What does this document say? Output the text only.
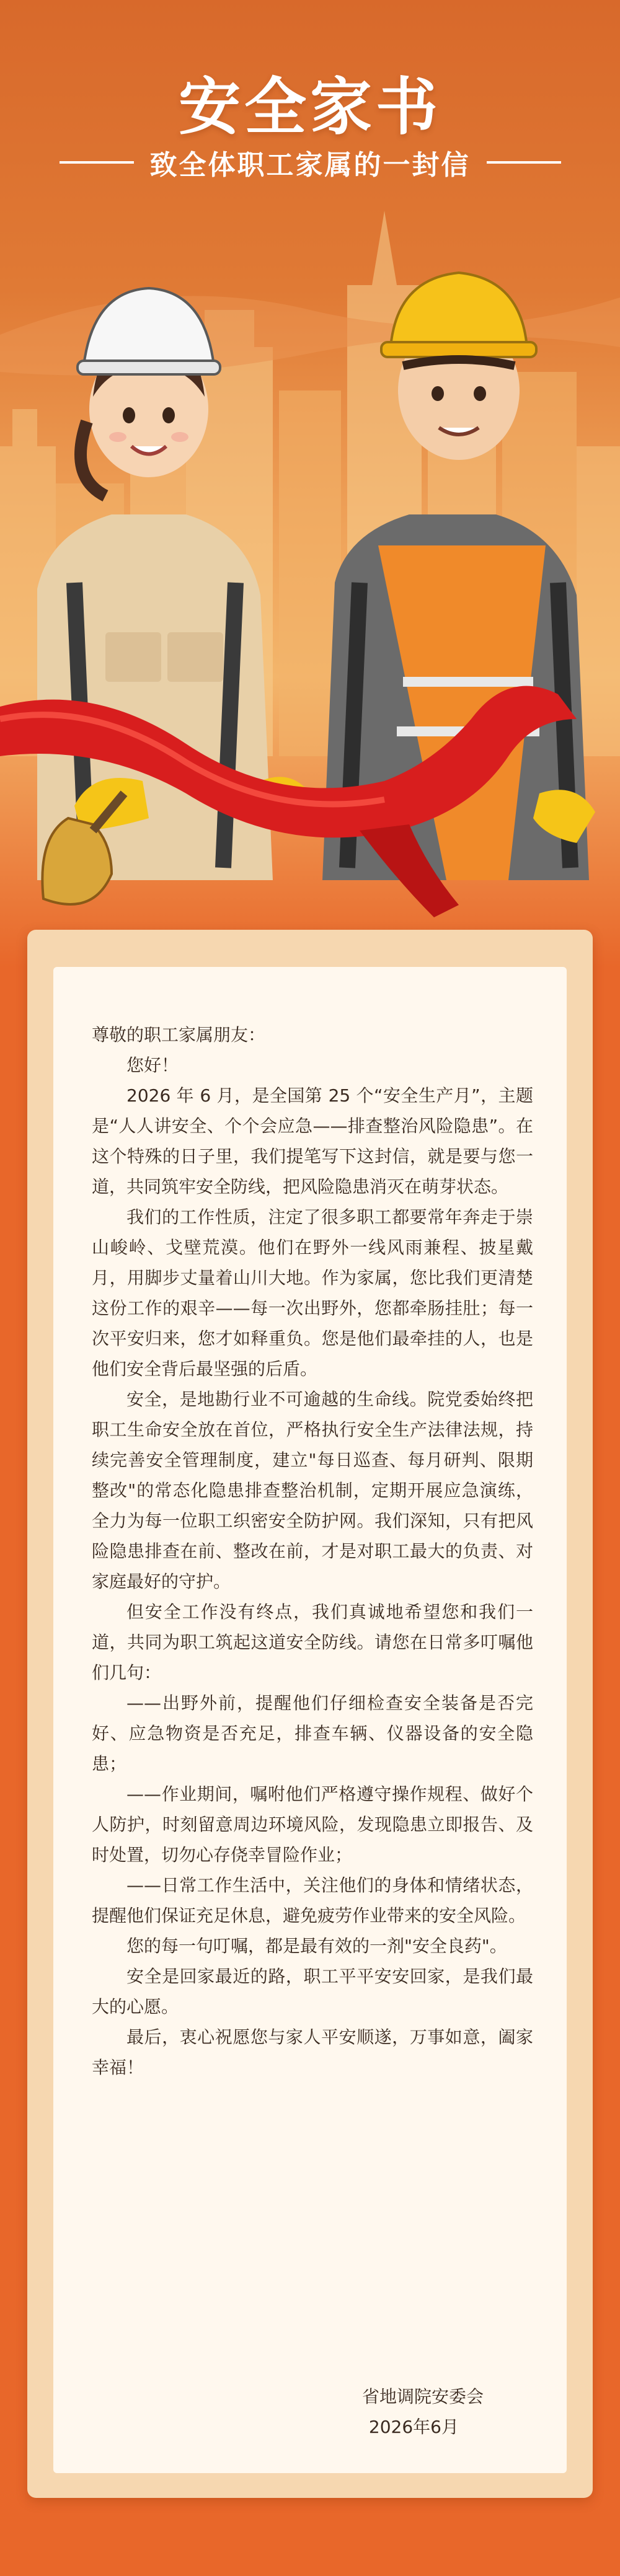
安全家书
致全体职工家属的一封信

尊敬的职工家属朋友：

您好！

2026 年 6 月，是全国第 25 个“安全生产月”，主题是“人人讲安全、个个会应急——排查整治风险隐患”。在这个特殊的日子里，我们提笔写下这封信，就是要与您一道，共同筑牢安全防线，把风险隐患消灭在萌芽状态。

我们的工作性质，注定了很多职工都要常年奔走于崇山峻岭、戈壁荒漠。他们在野外一线风雨兼程、披星戴月，用脚步丈量着山川大地。作为家属，您比我们更清楚这份工作的艰辛——每一次出野外，您都牵肠挂肚；每一次平安归来，您才如释重负。您是他们最牵挂的人，也是他们安全背后最坚强的后盾。

安全，是地勘行业不可逾越的生命线。院党委始终把职工生命安全放在首位，严格执行安全生产法律法规，持续完善安全管理制度，建立"每日巡查、每月研判、限期整改"的常态化隐患排查整治机制，定期开展应急演练，全力为每一位职工织密安全防护网。我们深知，只有把风险隐患排查在前、整改在前，才是对职工最大的负责、对家庭最好的守护。

但安全工作没有终点，我们真诚地希望您和我们一道，共同为职工筑起这道安全防线。请您在日常多叮嘱他们几句：

——出野外前，提醒他们仔细检查安全装备是否完好、应急物资是否充足，排查车辆、仪器设备的安全隐患；

——作业期间，嘱咐他们严格遵守操作规程、做好个人防护，时刻留意周边环境风险，发现隐患立即报告、及时处置，切勿心存侥幸冒险作业；

——日常工作生活中，关注他们的身体和情绪状态，提醒他们保证充足休息，避免疲劳作业带来的安全风险。

您的每一句叮嘱，都是最有效的一剂"安全良药"。

安全是回家最近的路，职工平平安安回家，是我们最大的心愿。

最后，衷心祝愿您与家人平安顺遂，万事如意，阖家幸福！

省地调院安委会
2026年6月
